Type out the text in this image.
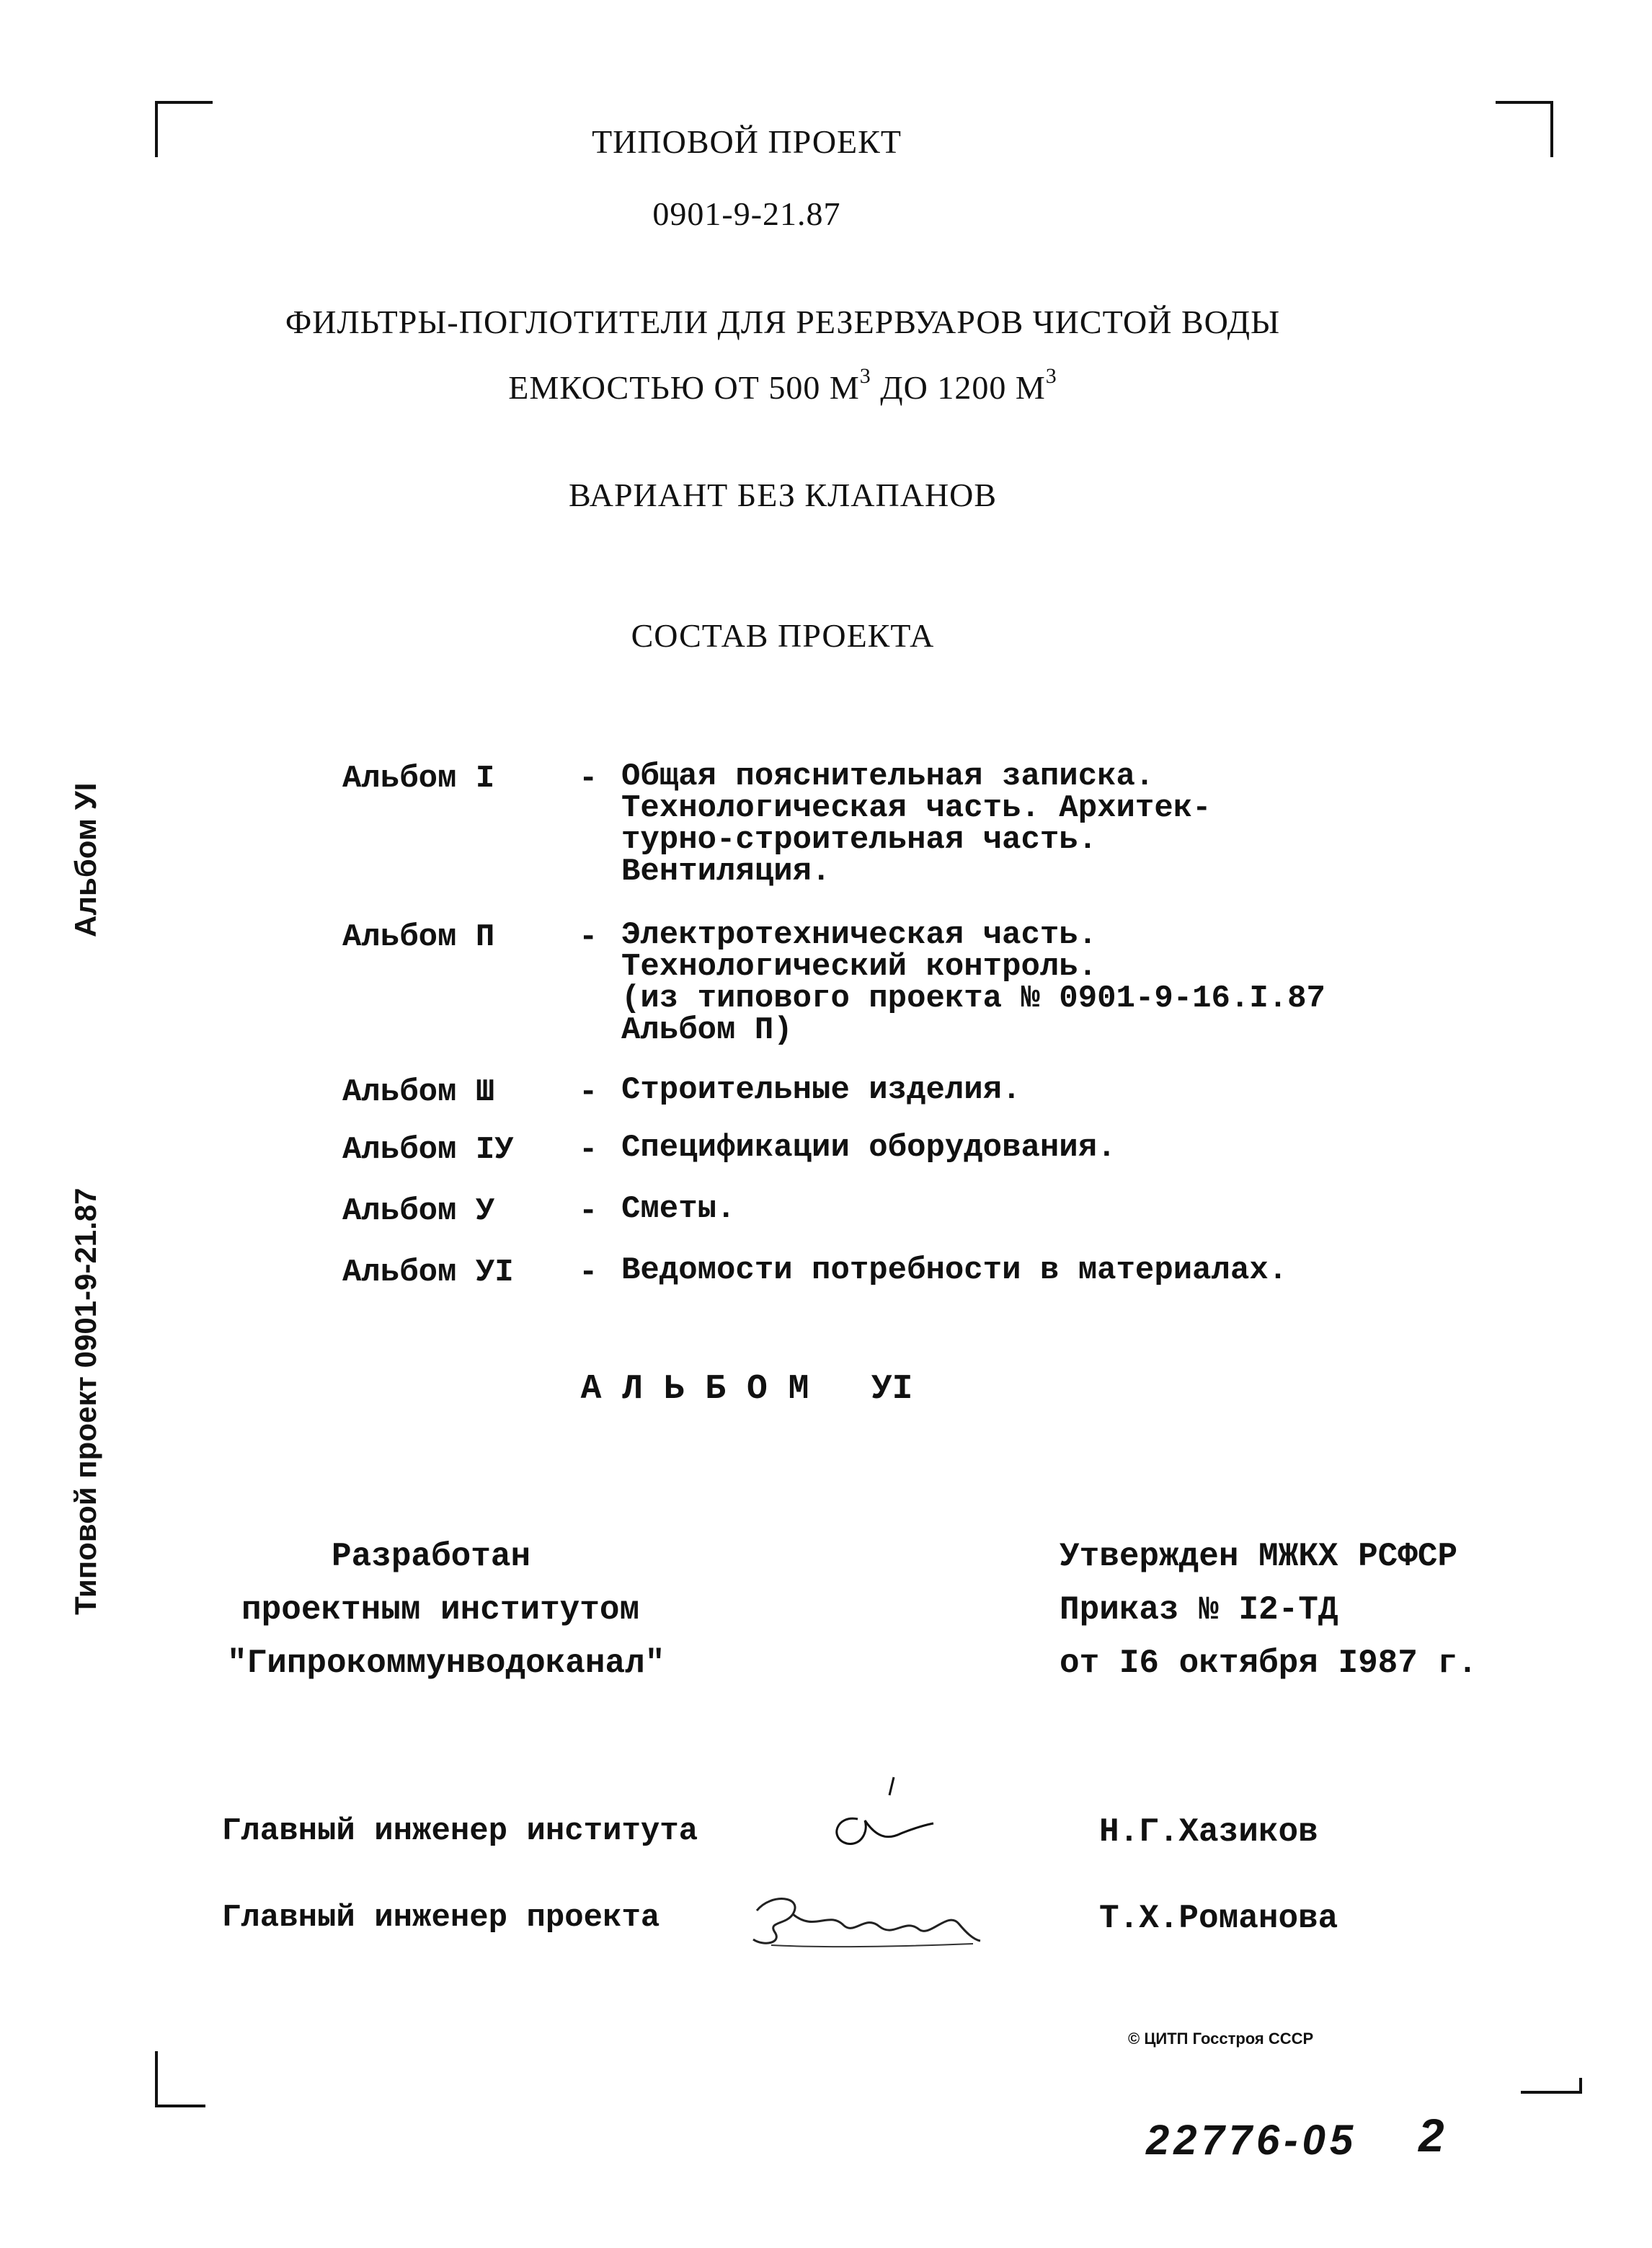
ТИПОВОЙ ПРОЕКТ
0901-9-21.87
ФИЛЬТРЫ-ПОГЛОТИТЕЛИ ДЛЯ РЕЗЕРВУАРОВ ЧИСТОЙ ВОДЫ
ЕМКОСТЬЮ ОТ 500 $М^3$ ДО 1200 $М^3$
ВАРИАНТ БЕЗ КЛАПАНОВ
СОСТАВ ПРОЕКТА
Альбом I	- Общая пояснительная записка.
Технологическая часть. Архитек-
турно-строительная часть.
Вентиляция.
Альбом П	- Электротехническая часть.
Технологический контроль.
(из типового проекта № 0901-9-16.I.87
Альбом П)
Альбом Ш	- Строительные изделия.
Альбом IУ - Спецификации оборудования.
Альбом У	- Сметы.
Альбом УI - Ведомости потребности в материалах.
А Л Ь Б О М   УI
Альбом УI
Типовой проект 0901-9-21.87	Разработан
проектным институтом
"Гипрокоммунводоканал"
Утвержден МЖКХ РСФСР
Приказ № I2-ТД
от I6 октября I987 г.
Главный инженер института	Н.Г.Хазиков
Главный инженер проекта	Т.Х.Романова
© ЦИТП Госстроя СССР
22776-05 2
